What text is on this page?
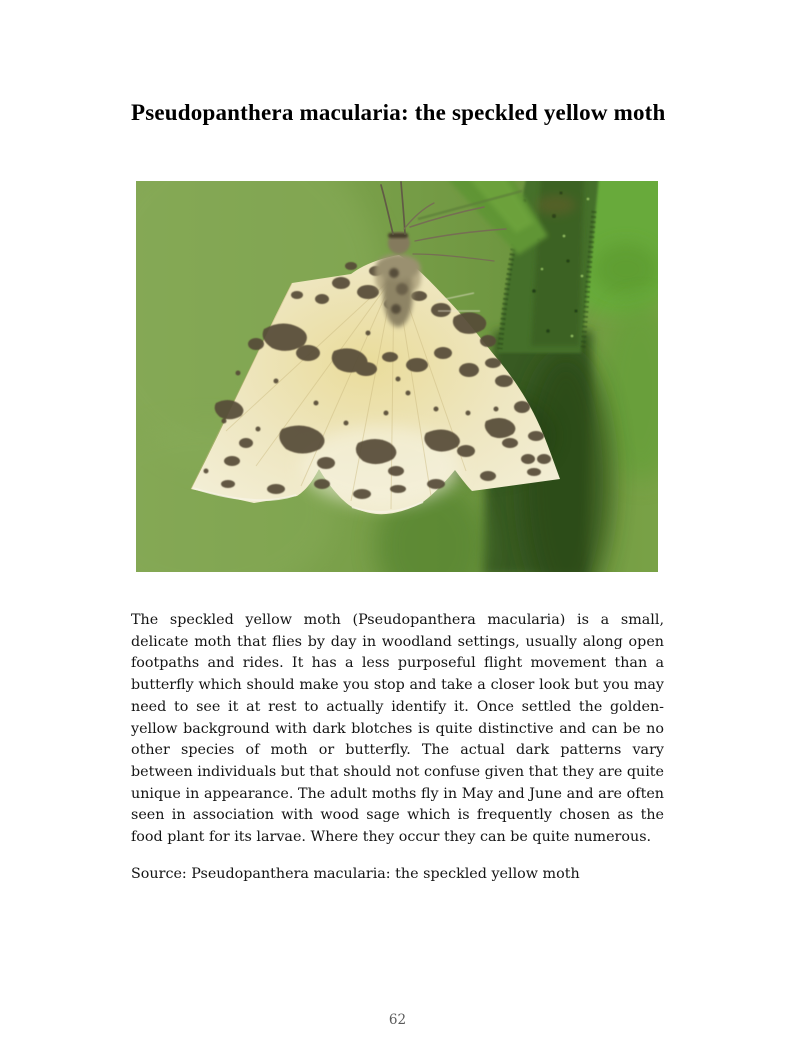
Pseudopanthera macularia: the speckled yellow moth

The speckled yellow moth (Pseudopanthera macularia) is a small, delicate moth that flies by day in woodland settings, usually along open footpaths and rides. It has a less purposeful flight movement than a butterfly which should make you stop and take a closer look but you may need to see it at rest to actually identify it. Once settled the golden-yellow background with dark blotches is quite distinctive and can be no other species of moth or butterfly. The actual dark patterns vary between individuals but that should not confuse given that they are quite unique in appearance. The adult moths fly in May and June and are often seen in association with wood sage which is frequently chosen as the food plant for its larvae. Where they occur they can be quite numerous.

Source: Pseudopanthera macularia: the speckled yellow moth

62
